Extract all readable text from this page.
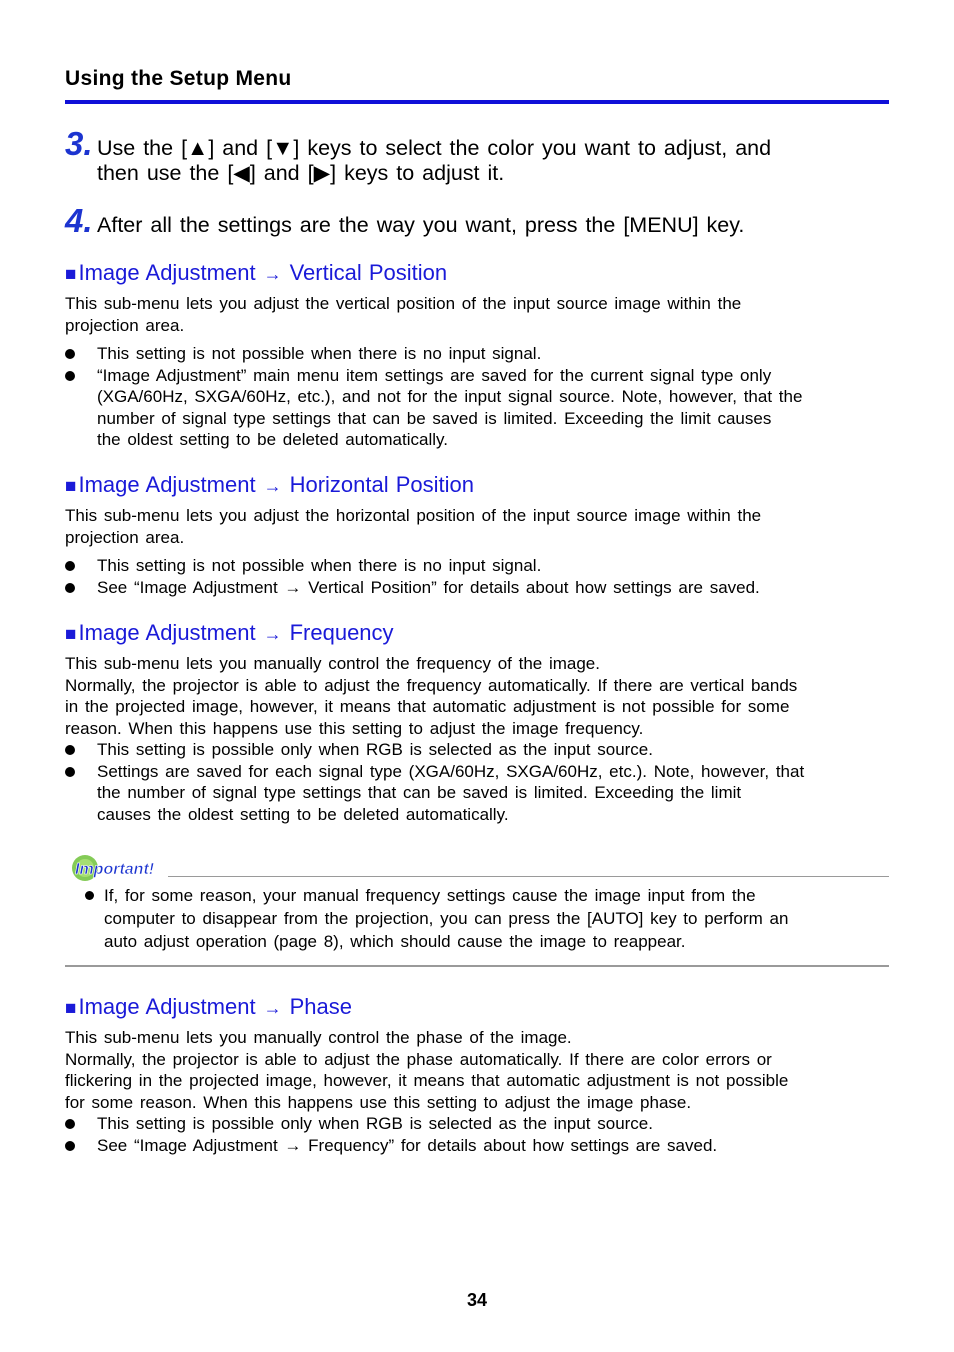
Using the Setup Menu
3. Use the [▲] and [▼] keys to select the color you want to adjust, and
then use the [◀] and [▶] keys to adjust it.
4. After all the settings are the way you want, press the [MENU] key.
■Image Adjustment → Vertical Position
This sub-menu lets you adjust the vertical position of the input source image within the
projection area.
This setting is not possible when there is no input signal.
“Image Adjustment” main menu item settings are saved for the current signal type only
(XGA/60Hz, SXGA/60Hz, etc.), and not for the input signal source. Note, however, that the
number of signal type settings that can be saved is limited. Exceeding the limit causes
the oldest setting to be deleted automatically.
■Image Adjustment → Horizontal Position
This sub-menu lets you adjust the horizontal position of the input source image within the
projection area.
This setting is not possible when there is no input signal.
See “Image Adjustment → Vertical Position” for details about how settings are saved.
■Image Adjustment → Frequency
This sub-menu lets you manually control the frequency of the image.
Normally, the projector is able to adjust the frequency automatically. If there are vertical bands
in the projected image, however, it means that automatic adjustment is not possible for some
reason. When this happens use this setting to adjust the image frequency.
This setting is possible only when RGB is selected as the input source.
Settings are saved for each signal type (XGA/60Hz, SXGA/60Hz, etc.). Note, however, that
the number of signal type settings that can be saved is limited. Exceeding the limit
causes the oldest setting to be deleted automatically.
Important!
If, for some reason, your manual frequency settings cause the image input from the
computer to disappear from the projection, you can press the [AUTO] key to perform an
auto adjust operation (page 8), which should cause the image to reappear.
■Image Adjustment → Phase
This sub-menu lets you manually control the phase of the image.
Normally, the projector is able to adjust the phase automatically. If there are color errors or
flickering in the projected image, however, it means that automatic adjustment is not possible
for some reason. When this happens use this setting to adjust the image phase.
This setting is possible only when RGB is selected as the input source.
See “Image Adjustment → Frequency” for details about how settings are saved.
34
